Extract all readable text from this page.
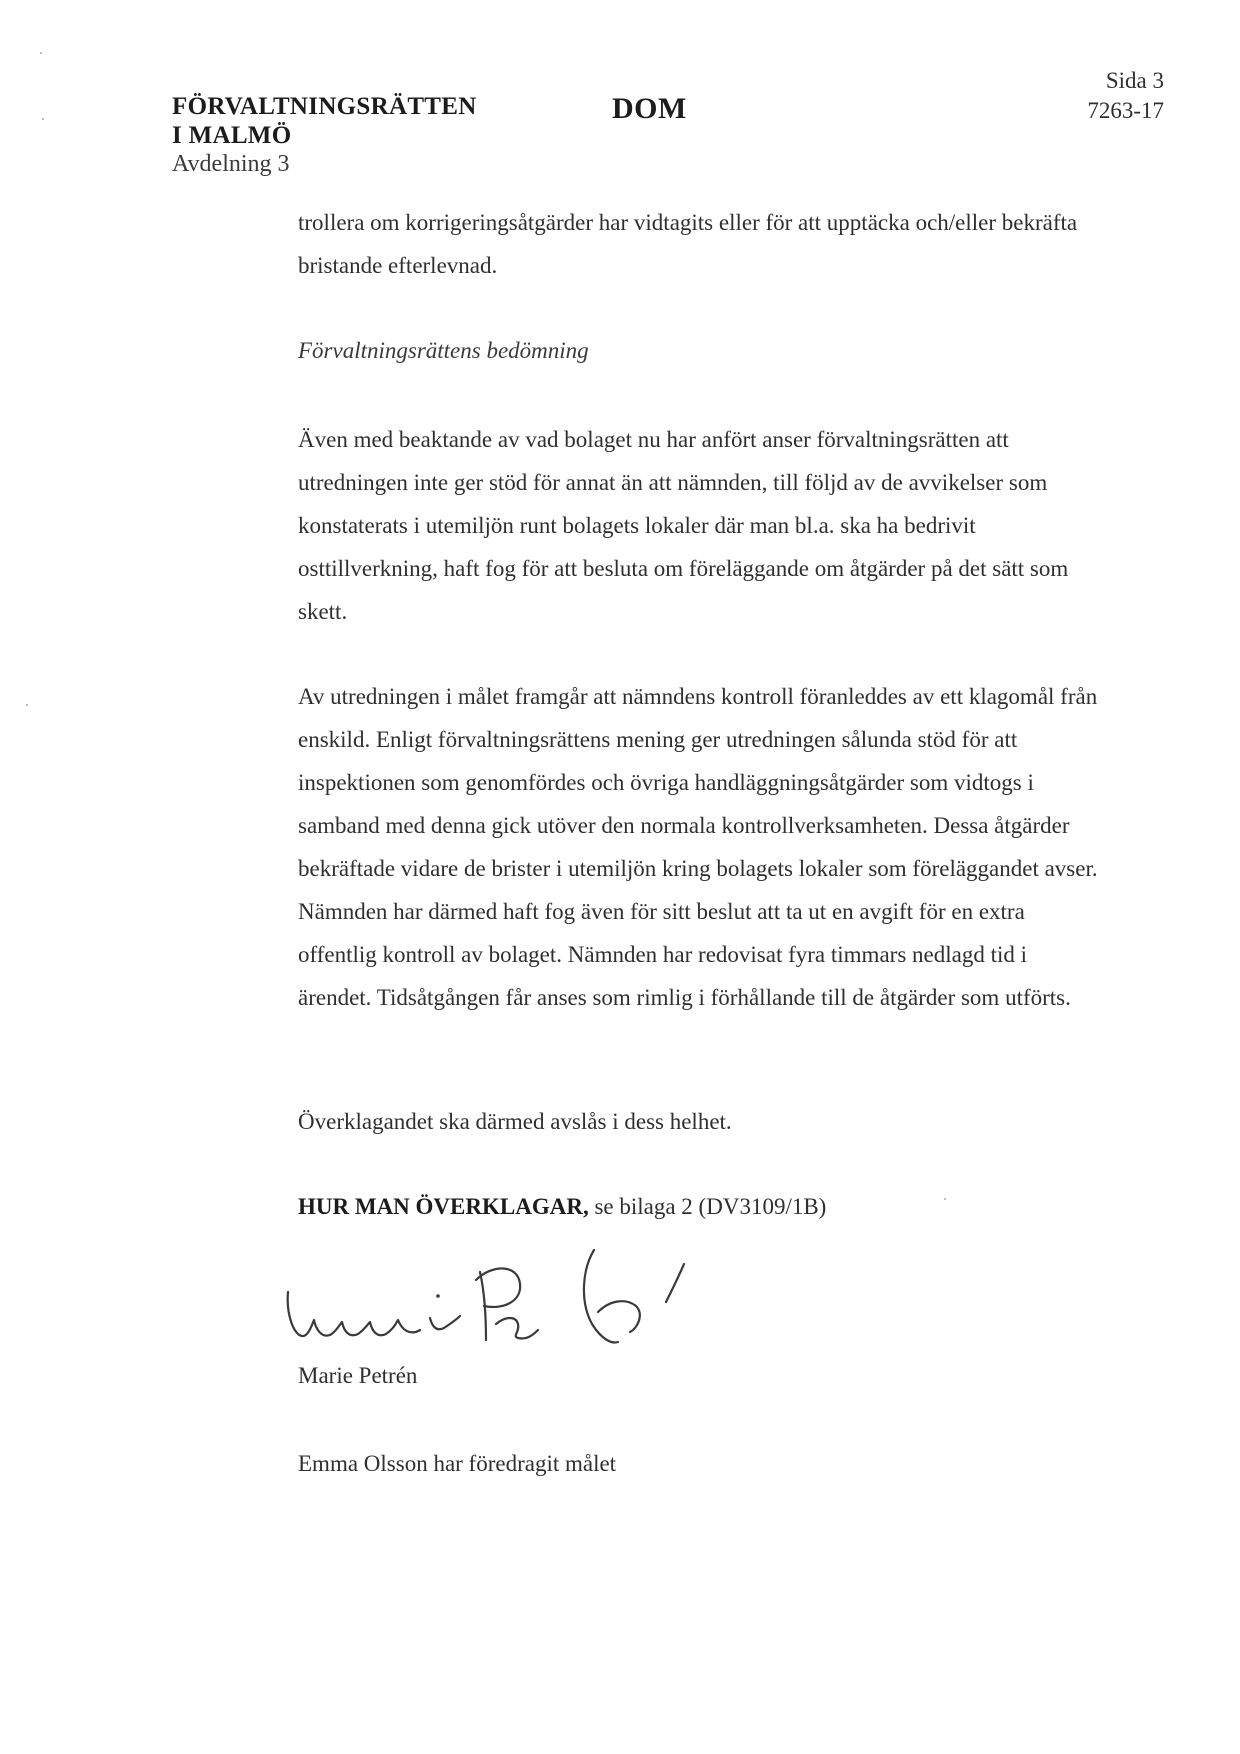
FÖRVALTNINGSRÄTTEN
I MALMÖ
Avdelning 3
DOM
Sida 3
7263-17

trollera om korrigeringsåtgärder har vidtagits eller för att upptäcka och/eller bekräfta bristande efterlevnad.

Förvaltningsrättens bedömning

Även med beaktande av vad bolaget nu har anfört anser förvaltningsrätten att utredningen inte ger stöd för annat än att nämnden, till följd av de avvikelser som konstaterats i utemiljön runt bolagets lokaler där man bl.a. ska ha bedrivit osttillverkning, haft fog för att besluta om föreläggande om åtgärder på det sätt som skett.

Av utredningen i målet framgår att nämndens kontroll föranleddes av ett klagomål från enskild. Enligt förvaltningsrättens mening ger utredningen sålunda stöd för att inspektionen som genomfördes och övriga handläggningsåtgärder som vidtogs i samband med denna gick utöver den normala kontrollverksamheten. Dessa åtgärder bekräftade vidare de brister i utemiljön kring bolagets lokaler som föreläggandet avser. Nämnden har därmed haft fog även för sitt beslut att ta ut en avgift för en extra offentlig kontroll av bolaget. Nämnden har redovisat fyra timmars nedlagd tid i ärendet. Tidsåtgången får anses som rimlig i förhållande till de åtgärder som utförts.

Överklagandet ska därmed avslås i dess helhet.

HUR MAN ÖVERKLAGAR, se bilaga 2 (DV3109/1B)

Marie Petrén

Emma Olsson har föredragit målet
